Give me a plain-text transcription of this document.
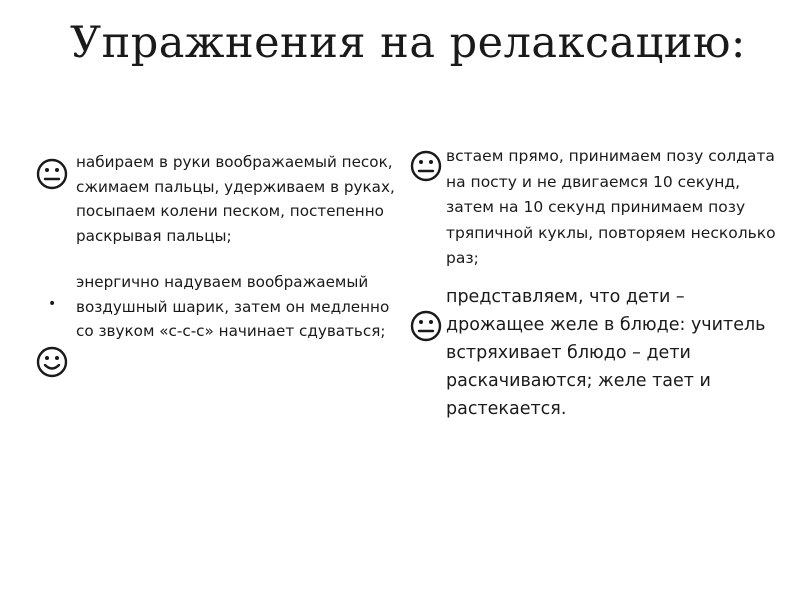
Упражнения на релаксацию:
•

набираем в руки воображаемый песок, сжимаем пальцы, удерживаем в руках, посыпаем колени песком, постепенно раскрывая пальцы;

энергично надуваем воображаемый воздушный шарик, затем он медленно со звуком «с-с-с» начинает сдуваться;

встаем прямо, принимаем позу солдата на посту и не двигаемся 10 секунд, затем на 10 секунд принимаем позу тряпичной куклы, повторяем несколько раз;

представляем, что дети – дрожащее желе в блюде: учитель встряхивает блюдо – дети раскачиваются; желе тает и растекается.
